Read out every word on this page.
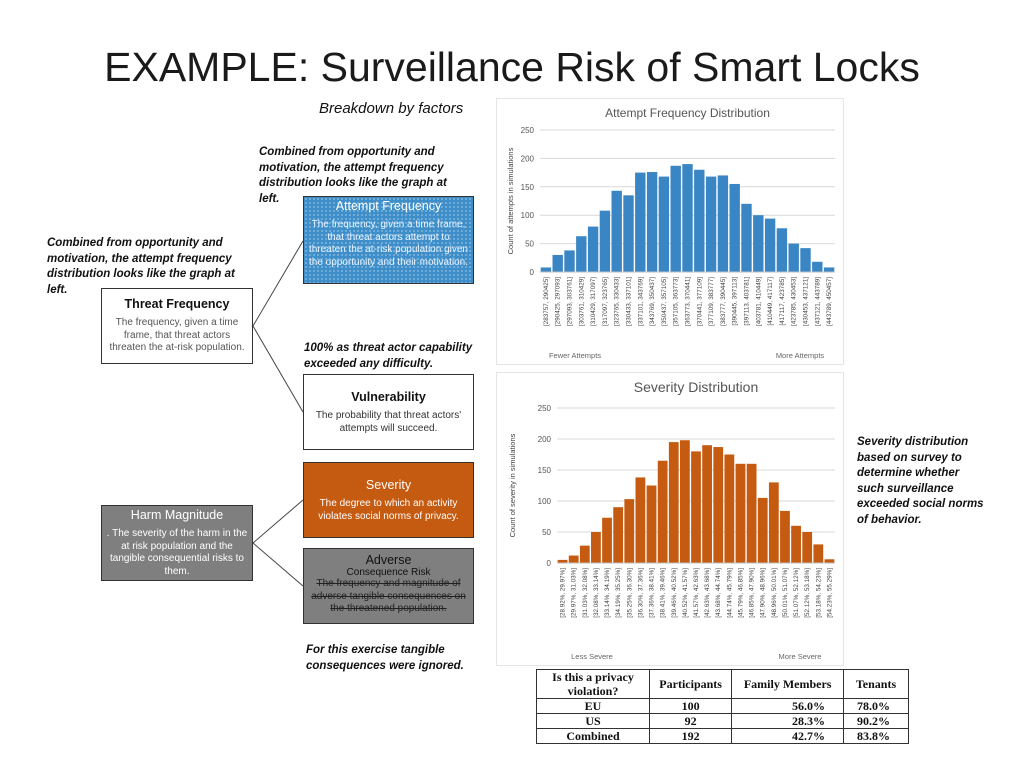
EXAMPLE: Surveillance Risk of Smart Locks
Breakdown by factors
Combined from opportunity and motivation, the attempt frequency distribution looks like the graph at left.
Combined from opportunity and motivation, the attempt frequency distribution looks like the graph at left.
100% as threat actor capability exceeded any difficulty.
Severity distribution based on survey to determine whether such surveillance exceeded social norms of behavior.
For this exercise tangible consequences were ignored.
Threat Frequency
The frequency, given a time frame, that threat actors threaten the at-risk population.
Attempt Frequency
The frequency, given a time frame, that threat actors attempt to threaten the at-risk population given the opportunity and their motivation.
Vulnerability
The probability that threat actors' attempts will succeed.
Severity
The degree to which an activity violates social norms of privacy.
Harm Magnitude
. The severity of the harm in the at risk population and the tangible consequential risks to them.
Adverse
Consequence Risk
The frequency and magnitude of adverse tangible consequences on the threatened population.
Attempt Frequency Distribution
0
50
100
150
200
250
Count of attempts in simulations
[283757, 290425] [290425, 297093] [297093, 303761] [303761, 310429] [310429, 317097] [317097, 323765] [323765, 330433] [330433, 337101] [337101, 343769] [343769, 350437] [350437, 357105] [357105, 363773] [363773, 370441] [370441, 377109] [377109, 383777] [383777, 390445] [390445, 397113] [397113, 403781] [403781, 410449] [410449, 417117] [417117, 423785] [423785, 430453] [430453, 437121] [437121, 443789] [443789, 450457]
Fewer Attempts	More Attempts
Severity Distribution
0
50
100
150
200
250
Count of severity in simulations
[28.92%, 29.97%] [29.97%, 31.03%] [31.03%, 32.08%] [32.08%, 33.14%] [33.14%, 34.19%] [34.19%, 35.25%] [35.25%, 36.30%] [36.30%, 37.36%] [37.36%, 38.41%] [38.41%, 39.46%] [39.46%, 40.52%] [40.52%, 41.57%] [41.57%, 42.63%] [42.63%, 43.68%] [43.68%, 44.74%] [44.74%, 45.79%] [45.79%, 46.85%] [46.85%, 47.90%] [47.90%, 48.96%] [48.96%, 50.01%] [50.01%, 51.07%] [51.07%, 52.12%] [52.12%, 53.18%] [53.18%, 54.23%] [54.23%, 55.29%]
Less Severe	More Severe
Is this a privacy violation?	Participants	Family Members	Tenants
EU	100	56.0%	78.0%
US	92	28.3%	90.2%
Combined	192	42.7%	83.8%
